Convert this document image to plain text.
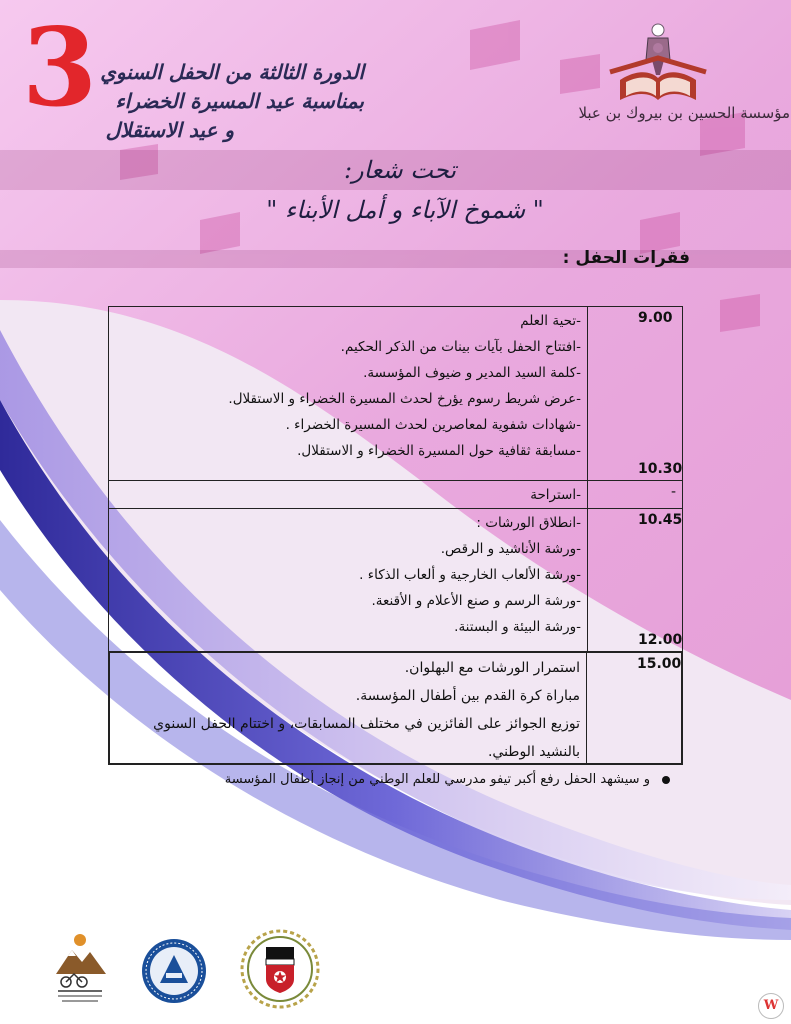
3 الدورة الثالثة من الحفل السنوي
بمناسبة عيد المسيرة الخضراء
و عيد الاستقلال
مؤسسة الحسين بن بيروك بن عبلا
تحت شعار:
" شموخ الآباء و أمل الأبناء "
فقرات الحفل :
9.00
10.30
-تحية العلم
-افتتاح الحفل بآيات بينات من الذكر الحكيم.
-كلمة السيد المدير و ضيوف المؤسسة.
-عرض شريط رسوم يؤرخ لحدث المسيرة الخضراء و الاستقلال.
-شهادات شفوية لمعاصرين لحدث المسيرة الخضراء .
-مسابقة ثقافية حول المسيرة الخضراء و الاستقلال.
-
-استراحة
10.45
12.00
-انطلاق الورشات :
-ورشة الأناشيد و الرقص.
-ورشة الألعاب الخارجية و ألعاب الذكاء .
-ورشة الرسم و صنع الأعلام و الأقنعة.
-ورشة البيئة و البستنة.
15.00
استمرار الورشات مع البهلوان.
مباراة كرة القدم بين أطفال المؤسسة.
توزيع الجوائز على الفائزين في مختلف المسابقات، و اختتام الحفل السنوي بالنشيد الوطني.
و سيشهد الحفل رفع أكبر تيفو مدرسي للعلم الوطني من إنجاز أطفال المؤسسة
W
